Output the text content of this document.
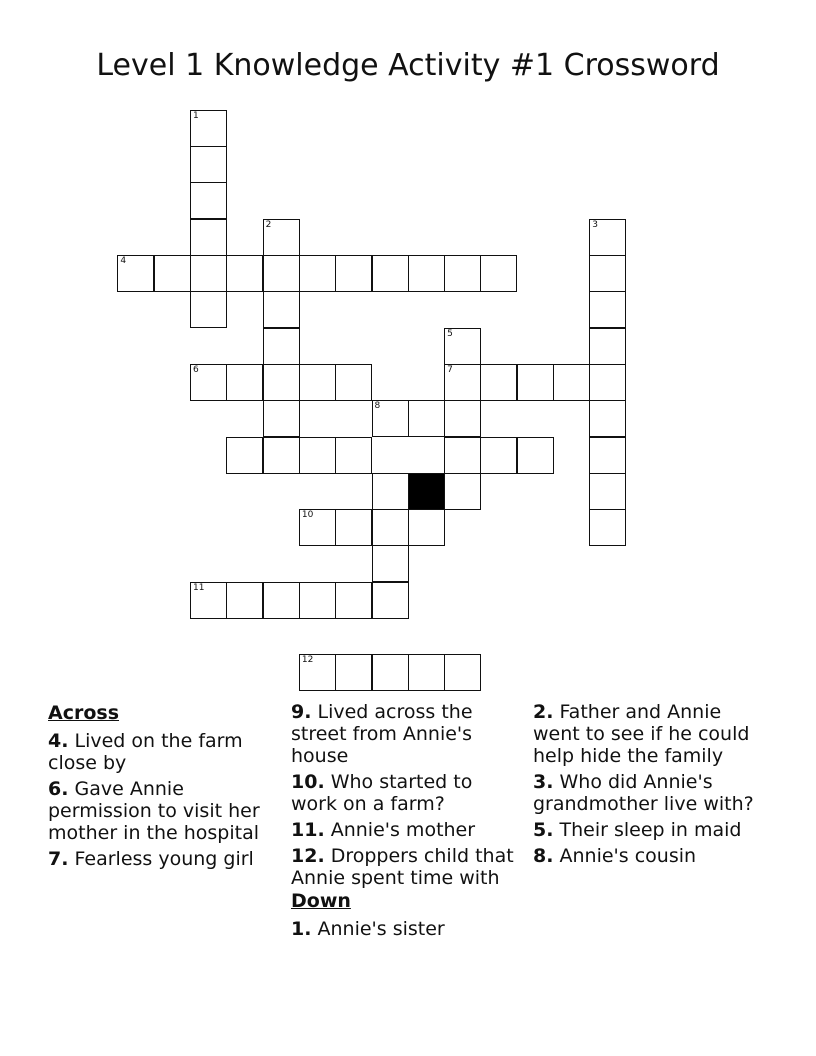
Level 1 Knowledge Activity #1 Crossword
1
2	3
4
5
7
6
8
10
11
12
Across
4. Lived on the farm close by
6. Gave Annie permission to visit her mother in the hospital
7. Fearless young girl
9. Lived across the street from Annie's house
10. Who started to work on a farm?
11. Annie's mother
12. Droppers child that Annie spent time with
Down
1. Annie's sister
2. Father and Annie went to see if he could help hide the family
3. Who did Annie's grandmother live with?
5. Their sleep in maid
8. Annie's cousin
